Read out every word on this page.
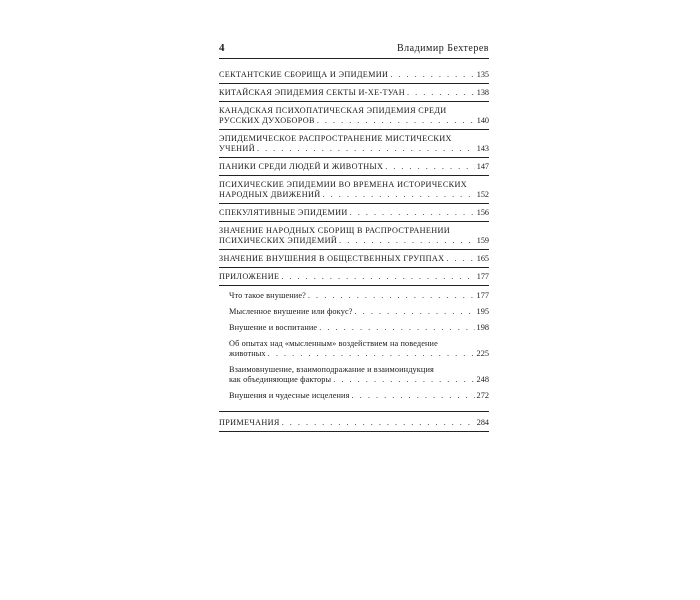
4	Владимир Бехтерев
СЕКТАНТСКИЕ СБОРИЩА И ЭПИДЕМИИ . . .	135
КИТАЙСКАЯ ЭПИДЕМИЯ СЕКТЫ И-ХЕ-ТУАН . . .	138
КАНАДСКАЯ ПСИХОПАТИЧЕСКАЯ ЭПИДЕМИЯ СРЕДИ
РУССКИХ ДУХОБОРОВ . . .	140
ЭПИДЕМИЧЕСКОЕ РАСПРОСТРАНЕНИЕ МИСТИЧЕСКИХ
УЧЕНИЙ . . .	143
ПАНИКИ СРЕДИ ЛЮДЕЙ И ЖИВОТНЫХ . . .	147
ПСИХИЧЕСКИЕ ЭПИДЕМИИ ВО ВРЕМЕНА ИСТОРИЧЕСКИХ
НАРОДНЫХ ДВИЖЕНИЙ . . .	152
СПЕКУЛЯТИВНЫЕ ЭПИДЕМИИ . . .	156
ЗНАЧЕНИЕ НАРОДНЫХ СБОРИЩ В РАСПРОСТРАНЕНИИ
ПСИХИЧЕСКИХ ЭПИДЕМИЙ . . .	159
ЗНАЧЕНИЕ ВНУШЕНИЯ В ОБЩЕСТВЕННЫХ ГРУППАХ . . .	165
ПРИЛОЖЕНИЕ . . .	177
Что такое внушение? . . .	177
Мысленное внушение или фокус? . . .	195
Внушение и воспитание . . .	198
Об опытах над «мысленным» воздействием на поведение
животных . . .	225
Взаимовнушение, взаимоподражание и взаимоиндукция
как объединяющие факторы . . .	248
Внушения и чудесные исцеления . . .	272
ПРИМЕЧАНИЯ . . .	284
